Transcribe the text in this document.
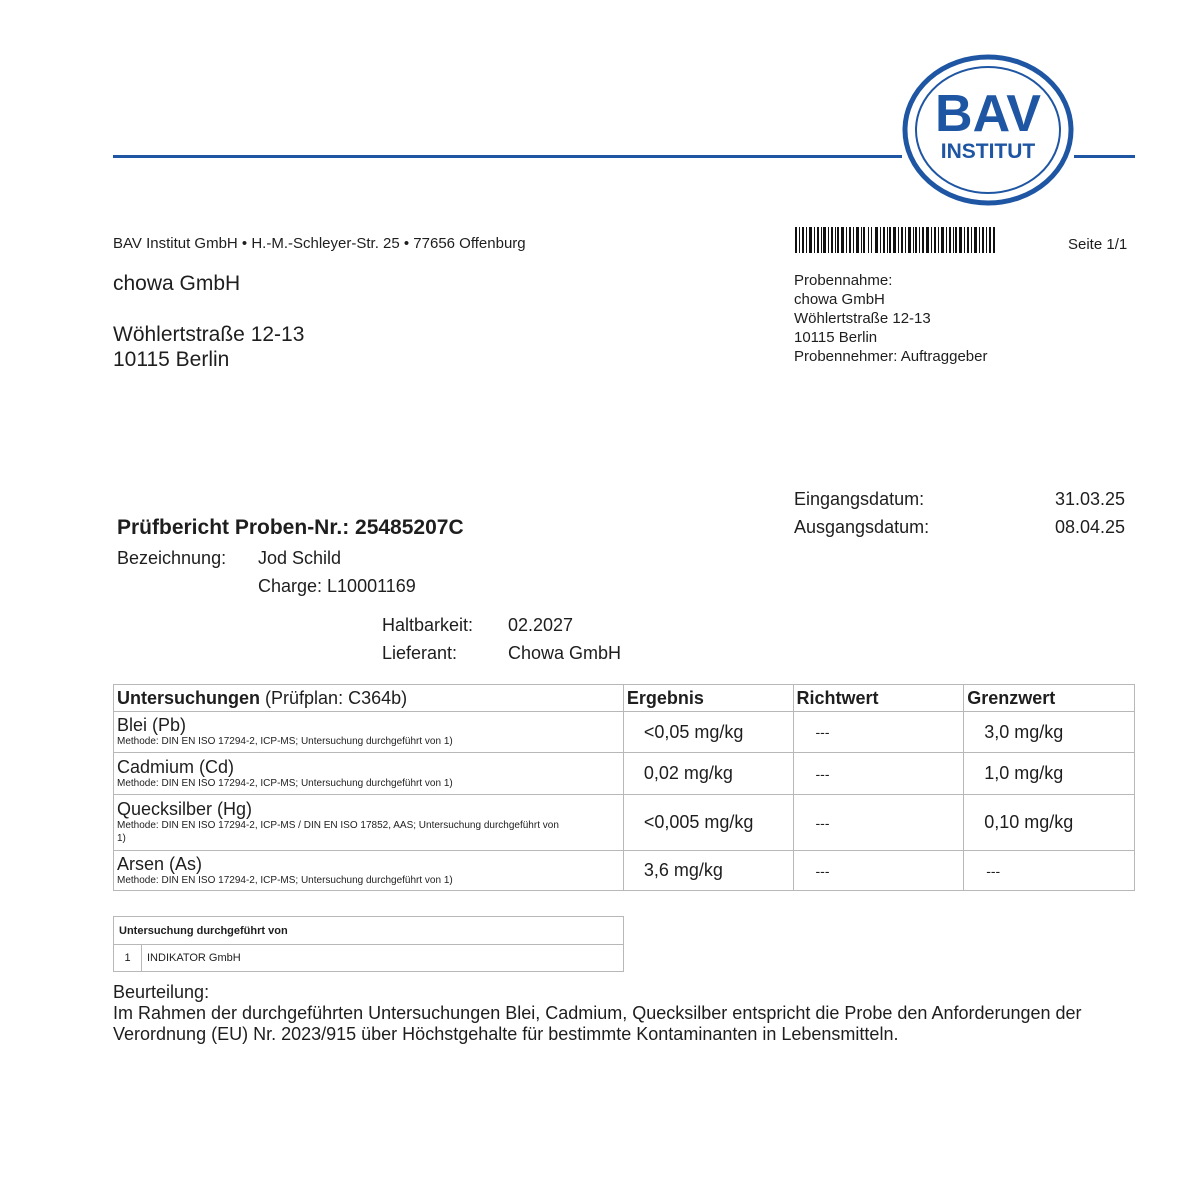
BAV
INSTITUT
BAV Institut GmbH • H.-M.-Schleyer-Str. 25 • 77656 Offenburg	Seite 1/1
chowa GmbH
Wöhlertstraße 12-13
10115 Berlin
Probennahme:
chowa GmbH
Wöhlertstraße 12-13
10115 Berlin
Probennehmer: Auftraggeber
Eingangsdatum:	31.03.25
Ausgangsdatum:	08.04.25
Prüfbericht Proben-Nr.: 25485207C
Bezeichnung: Jod Schild
Charge: L10001169
Haltbarkeit: 02.2027
Lieferant:	Chowa GmbH
Untersuchungen (Prüfplan: C364b)	Ergebnis	Richtwert	Grenzwert

Blei (Pb)
Methode: DIN EN ISO 17294-2, ICP-MS; Untersuchung durchgeführt von 1)	<0,05 mg/kg	---	3,0 mg/kg

Cadmium (Cd)
Methode: DIN EN ISO 17294-2, ICP-MS; Untersuchung durchgeführt von 1)	0,02 mg/kg	---	1,0 mg/kg

Quecksilber (Hg)
Methode: DIN EN ISO 17294-2, ICP-MS / DIN EN ISO 17852, AAS; Untersuchung durchgeführt von 1)	<0,005 mg/kg	---	0,10 mg/kg

Arsen (As)
Methode: DIN EN ISO 17294-2, ICP-MS; Untersuchung durchgeführt von 1)	3,6 mg/kg	---	---
Untersuchung durchgeführt von
1	INDIKATOR GmbH
Beurteilung:
Im Rahmen der durchgeführten Untersuchungen Blei, Cadmium, Quecksilber entspricht die Probe den Anforderungen der Verordnung (EU) Nr. 2023/915 über Höchstgehalte für bestimmte Kontaminanten in Lebensmitteln.
